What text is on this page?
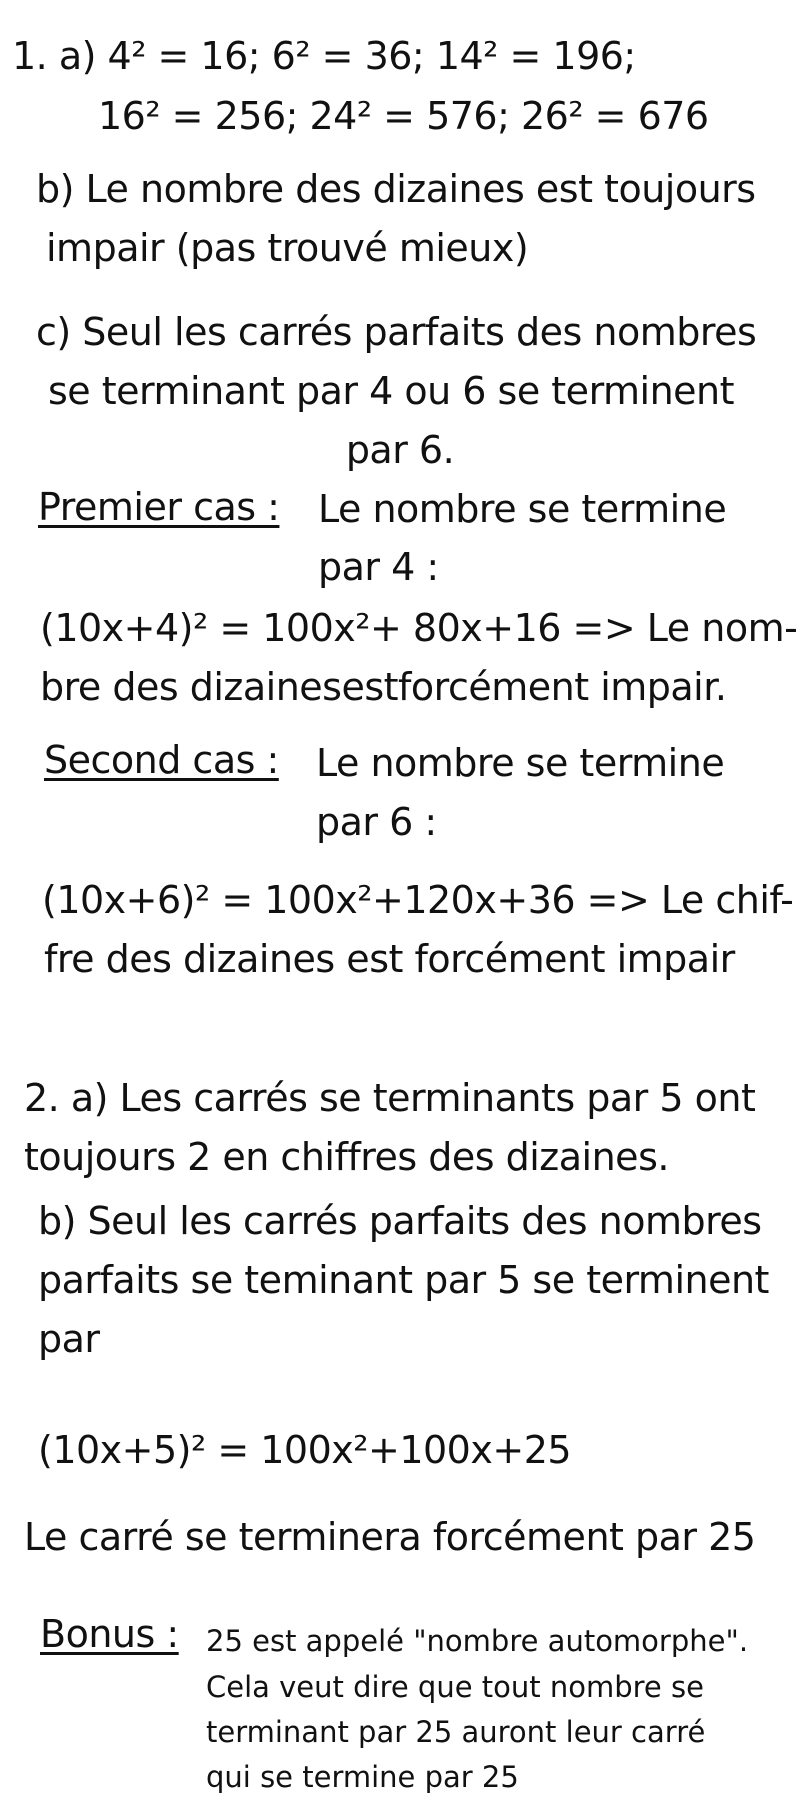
1. a) 4² = 16; 6² = 36; 14² = 196;
16² = 256; 24² = 576; 26² = 676
b) Le nombre des dizaines est toujours
impair (pas trouvé mieux)
c) Seul les carrés parfaits des nombres
se terminant par 4 ou 6 se terminent
par 6.
Premier cas : Le nombre se termine
par 4 :
(10x+4)² = 100x²+ 80x+16 => Le nom-
bre des dizainesestforcément impair.
Second cas : Le nombre se termine
par 6 :
(10x+6)² = 100x²+120x+36 => Le chif-
fre des dizaines est forcément impair
2. a) Les carrés se terminants par 5 ont
toujours 2 en chiffres des dizaines.
b) Seul les carrés parfaits des nombres
parfaits se teminant par 5 se terminent
par
(10x+5)² = 100x²+100x+25
Le carré se terminera forcément par 25
Bonus : 25 est appelé "nombre automorphe".
Cela veut dire que tout nombre se
terminant par 25 auront leur carré
qui se termine par 25
